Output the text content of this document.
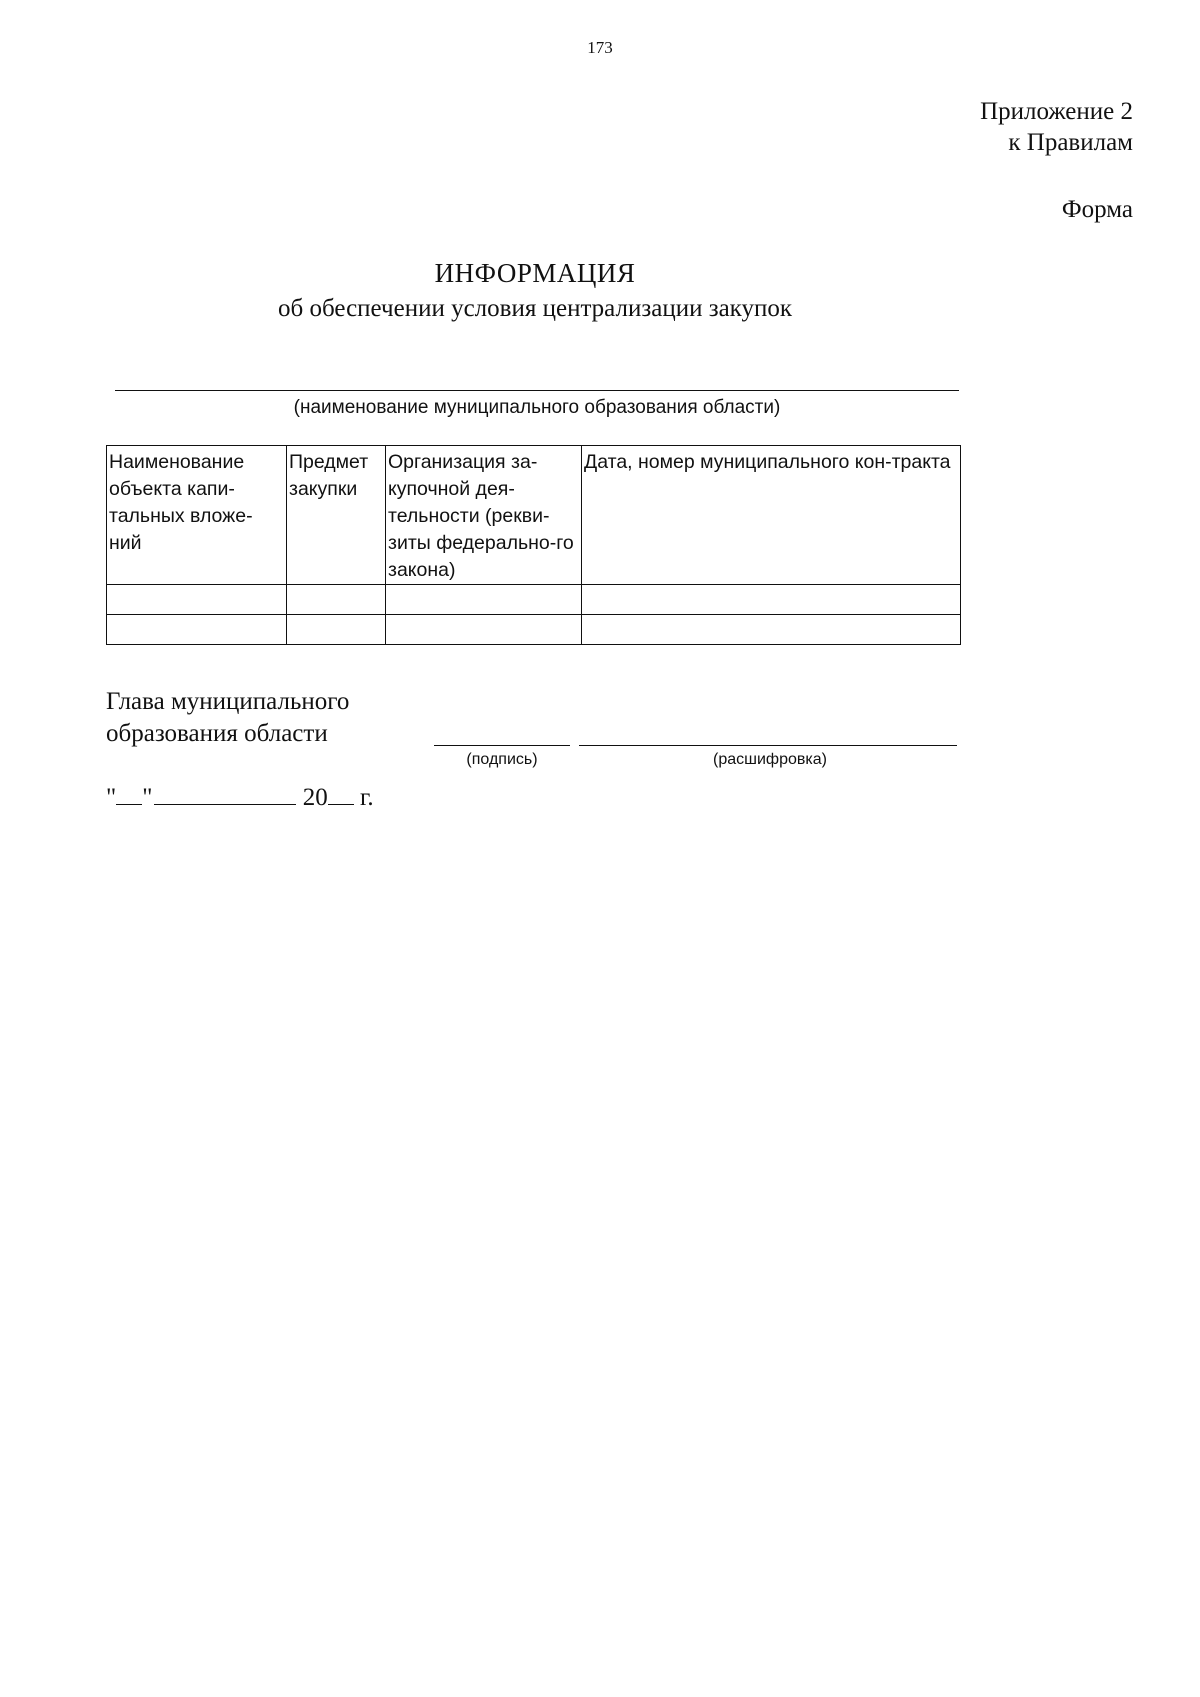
173
Приложение 2
к Правилам
Форма
ИНФОРМАЦИЯ
об обеспечении условия централизации закупок
(наименование муниципального образования области)
Наименование объекта капи-тальных вложе-ний	Предмет закупки	Организация за-купочной дея-тельности (рекви-зиты федерально-го закона)	Дата, номер муниципального кон-тракта

Глава муниципального
образования области
(подпись)	(расшифровка)
" "	20 г.
